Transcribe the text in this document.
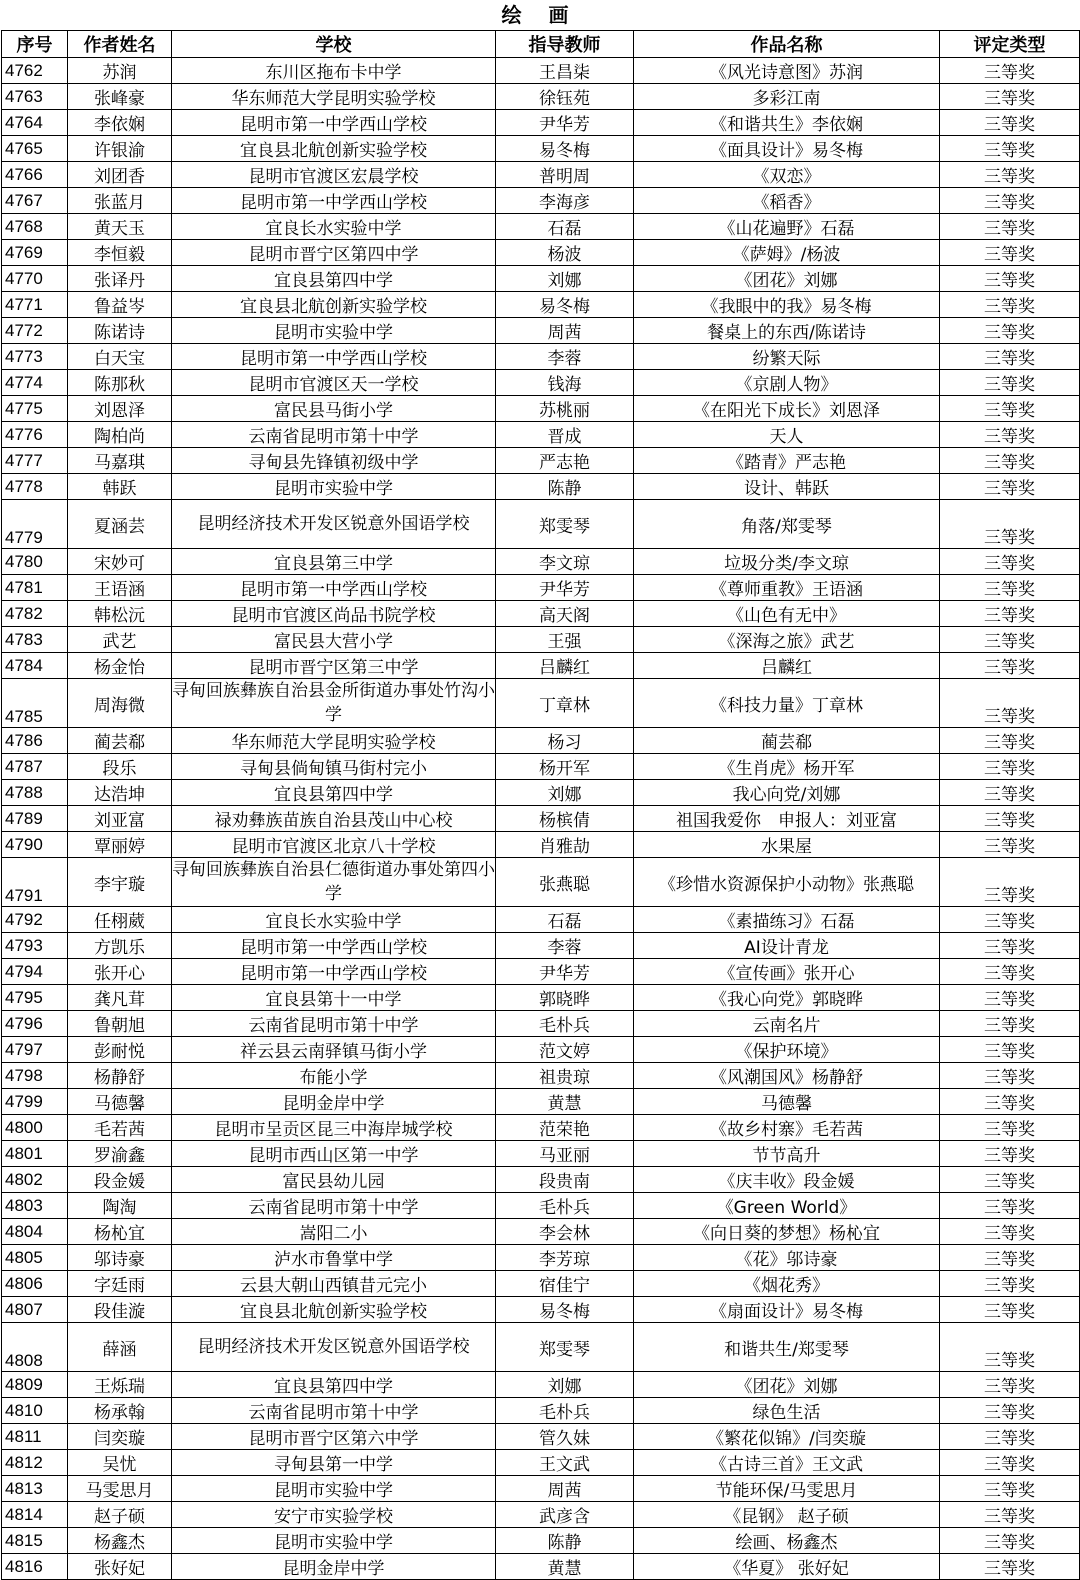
绘 画
序号	作者姓名	学校	指导教师	作品名称	评定类型
4762	苏润	东川区拖布卡中学	王昌柒	《风光诗意图》苏润	三等奖
4763	张峰豪	华东师范大学昆明实验学校	徐钰苑	多彩江南	三等奖
4764	李依娴	昆明市第一中学西山学校	尹华芳	《和谐共生》李依娴	三等奖
4765	许银渝	宜良县北航创新实验学校	易冬梅	《面具设计》易冬梅	三等奖
4766	刘团香	昆明市官渡区宏晨学校	普明周	《双恋》	三等奖
4767	张蓝月	昆明市第一中学西山学校	李海彦	《稻香》	三等奖
4768	黄天玉	宜良长水实验中学	石磊	《山花遍野》石磊	三等奖
4769	李恒毅	昆明市晋宁区第四中学	杨波	《萨姆》/杨波	三等奖
4770	张译丹	宜良县第四中学	刘娜	《团花》刘娜	三等奖
4771	鲁益岑	宜良县北航创新实验学校	易冬梅	《我眼中的我》易冬梅	三等奖
4772	陈诺诗	昆明市实验中学	周茜	餐桌上的东西/陈诺诗	三等奖
4773	白天宝	昆明市第一中学西山学校	李蓉	纷繁天际	三等奖
4774	陈那秋	昆明市官渡区天一学校	钱海	《京剧人物》	三等奖
4775	刘恩泽	富民县马街小学	苏桃丽	《在阳光下成长》刘恩泽	三等奖
4776	陶柏尚	云南省昆明市第十中学	晋成	天人	三等奖
4777	马嘉琪	寻甸县先锋镇初级中学	严志艳	《踏青》严志艳	三等奖
4778	韩跃	昆明市实验中学	陈静	设计、韩跃	三等奖
4779	夏涵芸	昆明经济技术开发区锐意外国语学校	郑雯琴	角落/郑雯琴	三等奖
4780	宋妙可	宜良县第三中学	李文琼	垃圾分类/李文琼	三等奖
4781	王语涵	昆明市第一中学西山学校	尹华芳	《尊师重教》王语涵	三等奖
4782	韩松沅	昆明市官渡区尚品书院学校	高天阁	《山色有无中》	三等奖
4783	武艺	富民县大营小学	王强	《深海之旅》武艺	三等奖
4784	杨金怡	昆明市晋宁区第三中学	吕麟红	吕麟红	三等奖
4785	周海微	寻甸回族彝族自治县金所街道办事处竹沟小学	丁章林	《科技力量》丁章林	三等奖
4786	蔺芸郗	华东师范大学昆明实验学校	杨习	蔺芸郗	三等奖
4787	段乐	寻甸县倘甸镇马街村完小	杨开军	《生肖虎》杨开军	三等奖
4788	达浩坤	宜良县第四中学	刘娜	我心向党/刘娜	三等奖
4789	刘亚富	禄劝彝族苗族自治县茂山中心校	杨槟倩	祖国我爱你　申报人：刘亚富	三等奖
4790	覃丽婷	昆明市官渡区北京八十学校	肖雅劼	水果屋	三等奖
4791	李宇璇	寻甸回族彝族自治县仁德街道办事处第四小学	张燕聪	《珍惜水资源保护小动物》张燕聪	三等奖
4792	任栩葳	宜良长水实验中学	石磊	《素描练习》石磊	三等奖
4793	方凯乐	昆明市第一中学西山学校	李蓉	AI设计青龙	三等奖
4794	张开心	昆明市第一中学西山学校	尹华芳	《宣传画》张开心	三等奖
4795	龚凡茸	宜良县第十一中学	郭晓晔	《我心向党》郭晓晔	三等奖
4796	鲁朝旭	云南省昆明市第十中学	毛朴兵	云南名片	三等奖
4797	彭耐悦	祥云县云南驿镇马街小学	范文婷	《保护环境》	三等奖
4798	杨静舒	布能小学	祖贵琼	《风潮国风》杨静舒	三等奖
4799	马德馨	昆明金岸中学	黄慧	马德馨	三等奖
4800	毛若茜	昆明市呈贡区昆三中海岸城学校	范荣艳	《故乡村寨》毛若茜	三等奖
4801	罗渝鑫	昆明市西山区第一中学	马亚丽	节节高升	三等奖
4802	段金媛	富民县幼儿园	段贵南	《庆丰收》段金媛	三等奖
4803	陶淘	云南省昆明市第十中学	毛朴兵	《Green World》	三等奖
4804	杨杺宜	嵩阳二小	李会林	《向日葵的梦想》杨杺宜	三等奖
4805	邬诗豪	泸水市鲁掌中学	李芳琼	《花》邬诗豪	三等奖
4806	字廷雨	云县大朝山西镇昔元完小	宿佳宁	《烟花秀》	三等奖
4807	段佳漩	宜良县北航创新实验学校	易冬梅	《扇面设计》易冬梅	三等奖
4808	薛涵	昆明经济技术开发区锐意外国语学校	郑雯琴	和谐共生/郑雯琴	三等奖
4809	王烁瑞	宜良县第四中学	刘娜	《团花》刘娜	三等奖
4810	杨承翰	云南省昆明市第十中学	毛朴兵	绿色生活	三等奖
4811	闫奕璇	昆明市晋宁区第六中学	管久妹	《繁花似锦》/闫奕璇	三等奖
4812	吴忧	寻甸县第一中学	王文武	《古诗三首》王文武	三等奖
4813	马雯思月	昆明市实验中学	周茜	节能环保/马雯思月	三等奖
4814	赵子硕	安宁市实验学校	武彦含	《昆钢》 赵子硕	三等奖
4815	杨鑫杰	昆明市实验中学	陈静	绘画、杨鑫杰	三等奖
4816	张好妃	昆明金岸中学	黄慧	《华夏》 张好妃	三等奖
